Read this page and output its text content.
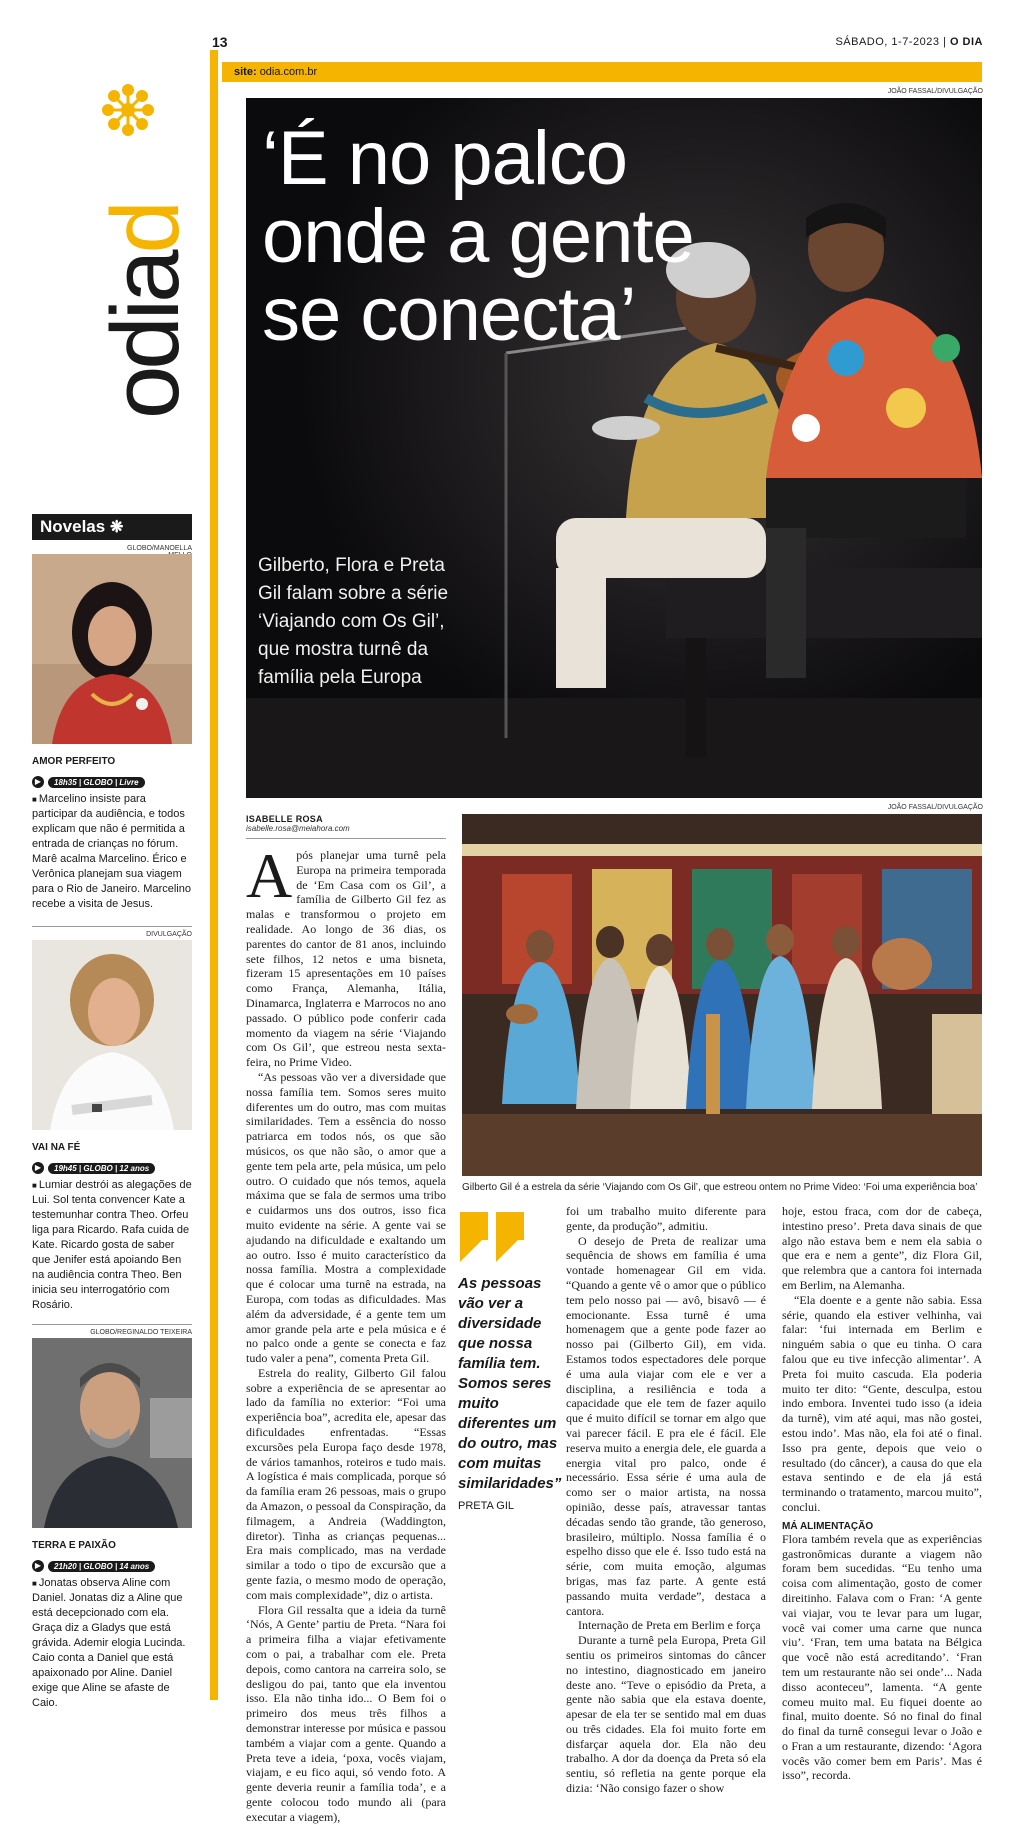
13	SÁBADO, 1-7-2023 | O DIA
site: odia.com.br
odiad
Novelas ❋
GLOBO/MANOELLA
AMOR PERFEITO
▶ 18h35 | GLOBO | Livre
■ Marcelino insiste para participar da audiência, e todos explicam que não é permitida a entrada de crianças no fórum. Marê acalma Marcelino. Érico e Verônica planejam sua viagem para o Rio de Janeiro. Marcelino recebe a visita de Jesus.
DIVULGAÇÃO
VAI NA FÉ
▶ 19h45 | GLOBO | 12 anos
■ Lumiar destrói as alegações de Lui. Sol tenta convencer Kate a testemunhar contra Theo. Orfeu liga para Ricardo. Rafa cuida de Kate. Ricardo gosta de saber que Jenifer está apoiando Ben na audiência contra Theo. Ben inicia seu interrogatório com Rosário.
GLOBO/REGINALDO TEIXEIRA
TERRA E PAIXÃO
▶ 21h20 | GLOBO | 14 anos
■ Jonatas observa Aline com Daniel. Jonatas diz a Aline que está decepcionado com ela. Graça diz a Gladys que está grávida. Ademir elogia Lucinda. Caio conta a Daniel que está apaixonado por Aline. Daniel exige que Aline se afaste de Caio.
JOÃO FASSAL/DIVULGAÇÃO
‘É no palco onde a gente se conecta’
Gilberto, Flora e Preta Gil falam sobre a série ‘Viajando com Os Gil’, que mostra turnê da família pela Europa
ISABELLE ROSA
isabelle.rosa@meiahora.com

Após planejar uma turnê pela Europa na primeira temporada de ‘Em Casa com os Gil’, a família de Gilberto Gil fez as malas e transformou o projeto em realidade. Ao longo de 36 dias, os parentes do cantor de 81 anos, incluindo sete filhos, 12 netos e uma bisneta, fizeram 15 apresentações em 10 países como França, Alemanha, Itália, Dinamarca, Inglaterra e Marrocos no ano passado. O público pode conferir cada momento da viagem na série ‘Viajando com Os Gil’, que estreou nesta sexta-feira, no Prime Video.

“As pessoas vão ver a diversidade que nossa família tem. Somos seres muito diferentes um do outro, mas com muitas similaridades. Tem a essência do nosso patriarca em todos nós, os que são músicos, os que não são, o amor que a gente tem pela arte, pela música, um pelo outro. O cuidado que nós temos, aquela máxima que se fala de sermos uma tribo e cuidarmos uns dos outros, isso fica muito evidente na série. A gente vai se ajudando na dificuldade e exaltando um ao outro. Isso é muito característico da nossa família. Mostra a complexidade que é colocar uma turnê na estrada, na Europa, com todas as dificuldades. Mas além da adversidade, é a gente tem um amor grande pela arte e pela música e é no palco onde a gente se conecta e faz tudo valer a pena”, comenta Preta Gil.

Estrela do reality, Gilberto Gil falou sobre a experiência de se apresentar ao lado da família no exterior: “Foi uma experiência boa”, acredita ele, apesar das dificuldades enfrentadas. “Essas excursões pela Europa faço desde 1978, de vários tamanhos, roteiros e tudo mais. A logística é mais complicada, porque só da família eram 26 pessoas, mais o grupo da Amazon, o pessoal da Conspiração, da filmagem, a Andreia (Waddington, diretor). Tinha as crianças pequenas... Era mais complicado, mas na verdade similar a todo o tipo de excursão que a gente fazia, o mesmo modo de operação, com mais complexidade”, diz o artista.

Flora Gil ressalta que a ideia da turnê ‘Nós, A Gente’ partiu de Preta. “Nara foi a primeira filha a viajar efetivamente com o pai, a trabalhar com ele. Preta depois, como cantora na carreira solo, se desligou do pai, tanto que ela inventou isso. Ela não tinha ido... O Bem foi o primeiro dos meus três filhos a demonstrar interesse por música e passou também a viajar com a gente. Quando a Preta teve a ideia, ‘poxa, vocês viajam, viajam, e eu fico aqui, só vendo foto. A gente deveria reunir a família toda’, e a gente colocou todo mundo ali (para executar a viagem),

JOÃO FASSAL/DIVULGAÇÃO
Gilberto Gil é a estrela da série ‘Viajando com Os Gil’, que estreou ontem no Prime Video: ‘Foi uma experiência boa’
As pessoas vão ver a diversidade que nossa família tem. Somos seres muito diferentes um do outro, mas com muitas similaridades”
PRETA GIL

foi um trabalho muito diferente para gente, da produção”, admitiu.

O desejo de Preta de realizar uma sequência de shows em família é uma vontade homenagear Gil em vida. “Quando a gente vê o amor que o público tem pelo nosso pai — avô, bisavô — é emocionante. Essa turnê é uma homenagem que a gente pode fazer ao nosso pai (Gilberto Gil), em vida. Estamos todos espectadores dele porque é uma aula viajar com ele e ver a disciplina, a resiliência e toda a capacidade que ele tem de fazer aquilo que é muito difícil se tornar em algo que vai parecer fácil. E pra ele é fácil. Ele reserva muito a energia dele, ele guarda a energia vital pro palco, onde é necessário. Essa série é uma aula de como ser o maior artista, na nossa opinião, desse país, atravessar tantas décadas sendo tão grande, tão generoso, brasileiro, múltiplo. Nossa família é o espelho disso que ele é. Isso tudo está na série, com muita emoção, algumas brigas, mas faz parte. A gente está passando muita verdade”, destaca a cantora.

Internação de Preta em Berlim e força

Durante a turnê pela Europa, Preta Gil sentiu os primeiros sintomas do câncer no intestino, diagnosticado em janeiro deste ano. “Teve o episódio da Preta, a gente não sabia que ela estava doente, apesar de ela ter se sentido mal em duas ou três cidades. Ela foi muito forte em disfarçar aquela dor. Ela não deu trabalho. A dor da doença da Preta só ela sentiu, só refletia na gente porque ela dizia: ‘Não consigo fazer o show

hoje, estou fraca, com dor de cabeça, intestino preso’. Preta dava sinais de que algo não estava bem e nem ela sabia o que era e nem a gente”, diz Flora Gil, que relembra que a cantora foi internada em Berlim, na Alemanha.

“Ela doente e a gente não sabia. Essa série, quando ela estiver velhinha, vai falar: ‘fui internada em Berlim e ninguém sabia o que eu tinha. O cara falou que eu tive infecção alimentar’. A Preta foi muito cascuda. Ela poderia muito ter dito: “Gente, desculpa, estou indo embora. Inventei tudo isso (a ideia da turnê), vim até aqui, mas não gostei, estou indo’. Mas não, ela foi até o final. Isso pra gente, depois que veio o resultado (do câncer), a causa do que ela estava sentindo e de ela já está terminando o tratamento, marcou muito”, conclui.

MÁ ALIMENTAÇÃO

Flora também revela que as experiências gastronômicas durante a viagem não foram bem sucedidas. “Eu tenho uma coisa com alimentação, gosto de comer direitinho. Falava com o Fran: ‘A gente vai viajar, vou te levar para um lugar, você vai comer uma carne que nunca viu’. ‘Fran, tem uma batata na Bélgica que você não está acreditando’. ‘Fran tem um restaurante não sei onde’... Nada disso aconteceu”, lamenta. “A gente comeu muito mal. Eu fiquei doente ao final, muito doente. Só no final do final do final da turnê consegui levar o João e o Fran a um restaurante, dizendo: ‘Agora vocês vão comer bem em Paris’. Mas é isso”, recorda.
